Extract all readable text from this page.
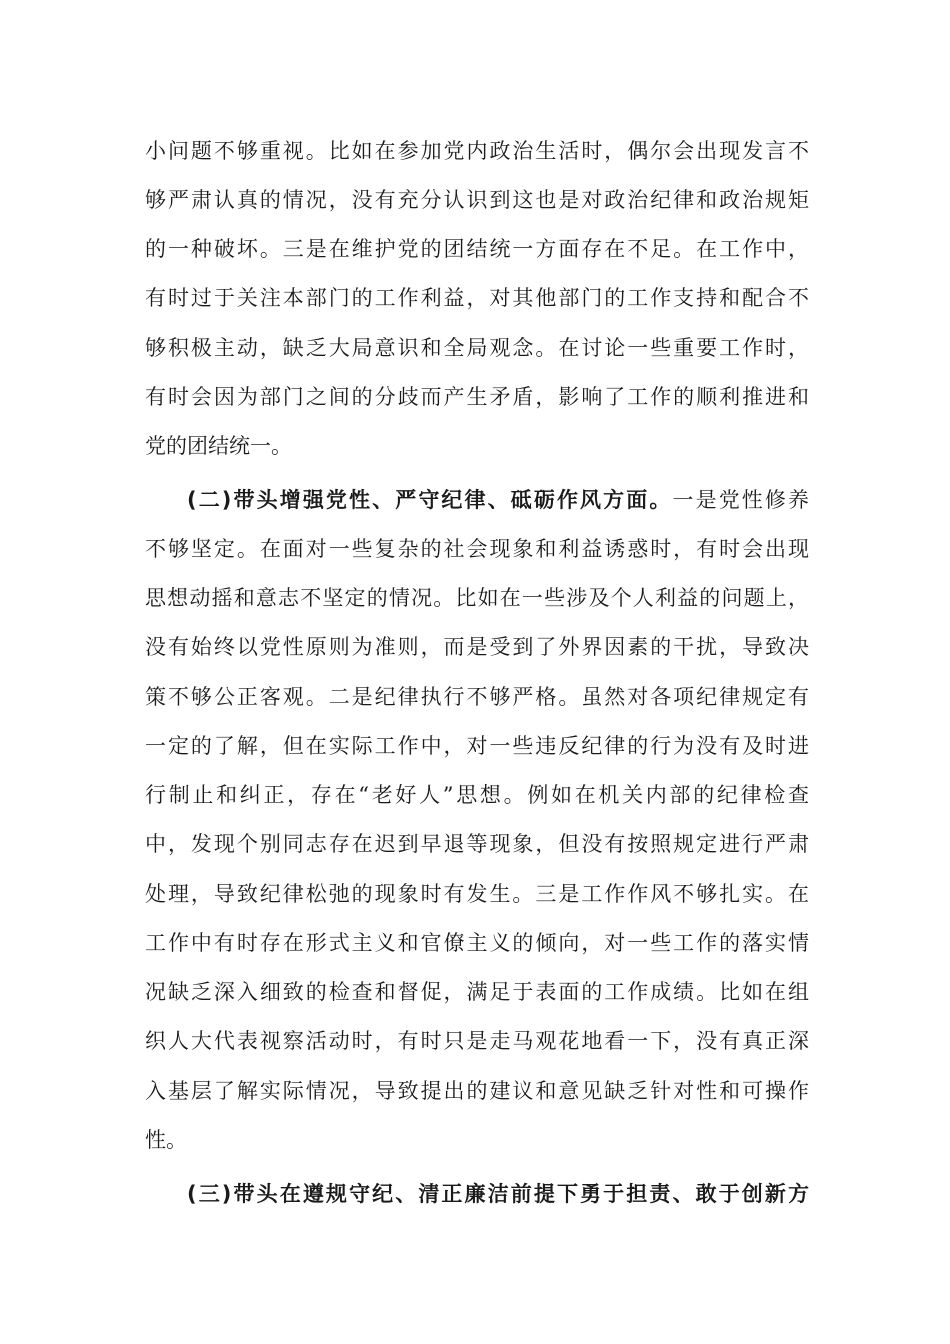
小问题不够重视。比如在参加党内政治生活时，偶尔会出现发言不
够严肃认真的情况，没有充分认识到这也是对政治纪律和政治规矩
的一种破坏。三是在维护党的团结统一方面存在不足。在工作中，
有时过于关注本部门的工作利益，对其他部门的工作支持和配合不
够积极主动，缺乏大局意识和全局观念。在讨论一些重要工作时，
有时会因为部门之间的分歧而产生矛盾，影响了工作的顺利推进和
党的团结统一。
(二)带头增强党性、严守纪律、砥砺作风方面。一是党性修养
不够坚定。在面对一些复杂的社会现象和利益诱惑时，有时会出现
思想动摇和意志不坚定的情况。比如在一些涉及个人利益的问题上，
没有始终以党性原则为准则，而是受到了外界因素的干扰，导致决
策不够公正客观。二是纪律执行不够严格。虽然对各项纪律规定有
一定的了解，但在实际工作中，对一些违反纪律的行为没有及时进
行制止和纠正，存在“老好人”思想。例如在机关内部的纪律检查
中，发现个别同志存在迟到早退等现象，但没有按照规定进行严肃
处理，导致纪律松弛的现象时有发生。三是工作作风不够扎实。在
工作中有时存在形式主义和官僚主义的倾向，对一些工作的落实情
况缺乏深入细致的检查和督促，满足于表面的工作成绩。比如在组
织人大代表视察活动时，有时只是走马观花地看一下，没有真正深
入基层了解实际情况，导致提出的建议和意见缺乏针对性和可操作
性。
(三)带头在遵规守纪、清正廉洁前提下勇于担责、敢于创新方
